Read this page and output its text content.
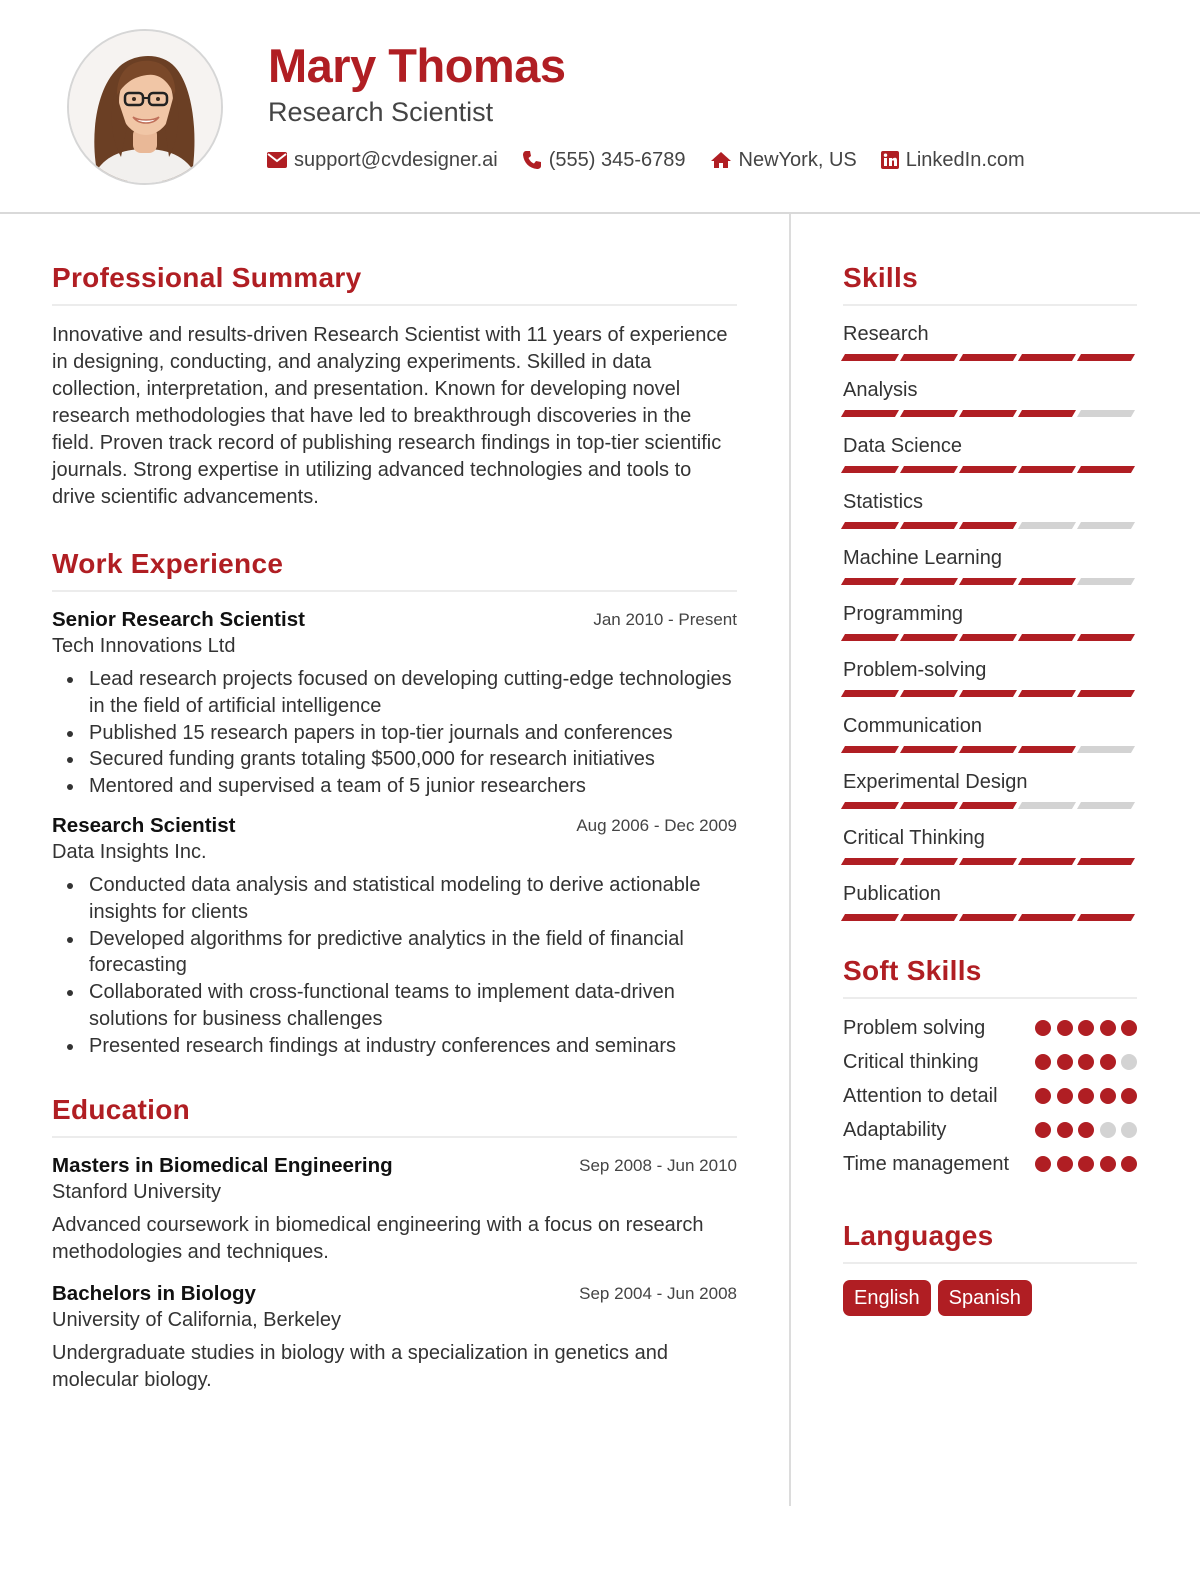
Mary Thomas
Research Scientist
support@cvdesigner.ai	(555) 345-6789	NewYork, US LinkedIn.com
Professional Summary

Innovative and results-driven Research Scientist with 11 years of experience in designing, conducting, and analyzing experiments. Skilled in data collection, interpretation, and presentation. Known for developing novel research methodologies that have led to breakthrough discoveries in the field. Proven track record of publishing research findings in top-tier scientific journals. Strong expertise in utilizing advanced technologies and tools to drive scientific advancements.

Work Experience
Senior Research Scientist	Jan 2010 - Present
Tech Innovations Ltd
Lead research projects focused on developing cutting-edge technologies in the field of artificial intelligence
Published 15 research papers in top-tier journals and conferences
Secured funding grants totaling $500,000 for research initiatives
Mentored and supervised a team of 5 junior researchers
Research Scientist	Aug 2006 - Dec 2009
Data Insights Inc.
Conducted data analysis and statistical modeling to derive actionable insights for clients
Developed algorithms for predictive analytics in the field of financial forecasting
Collaborated with cross-functional teams to implement data-driven solutions for business challenges
Presented research findings at industry conferences and seminars
Education
Masters in Biomedical Engineering	Sep 2008 - Jun 2010
Stanford University

Advanced coursework in biomedical engineering with a focus on research methodologies and techniques.

Bachelors in Biology	Sep 2004 - Jun 2008
University of California, Berkeley

Undergraduate studies in biology with a specialization in genetics and molecular biology.

Skills
Research
Analysis
Data Science
Statistics
Machine Learning
Programming
Problem-solving
Communication
Experimental Design
Critical Thinking
Publication
Soft Skills
Problem solving
Critical thinking
Attention to detail
Adaptability
Time management
Languages
English	Spanish
